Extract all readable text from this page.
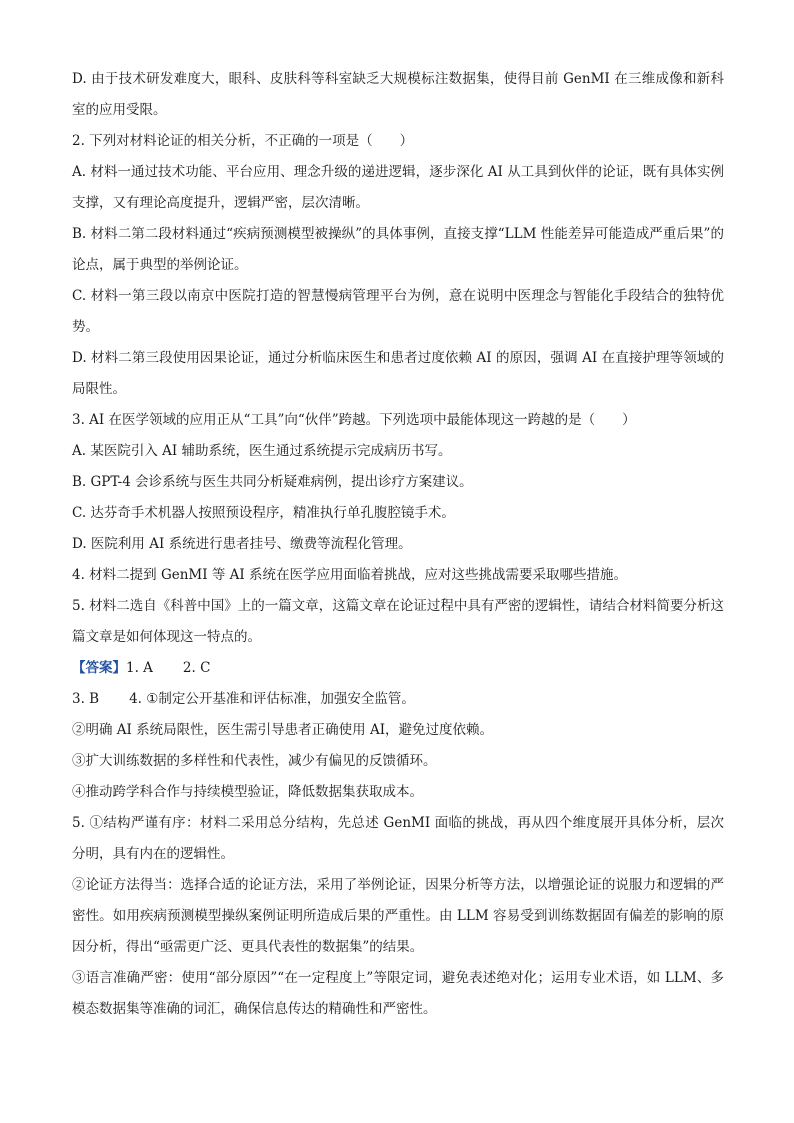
D. 由于技术研发难度大，眼科、皮肤科等科室缺乏大规模标注数据集，使得目前 GenMI 在三维成像和新科室的应用受限。

2. 下列对材料论证的相关分析，不正确的一项是（　　）

A. 材料一通过技术功能、平台应用、理念升级的递进逻辑，逐步深化 AI 从工具到伙伴的论证，既有具体实例支撑，又有理论高度提升，逻辑严密，层次清晰。

B. 材料二第二段材料通过“疾病预测模型被操纵”的具体事例，直接支撑“LLM 性能差异可能造成严重后果”的论点，属于典型的举例论证。

C. 材料一第三段以南京中医院打造的智慧慢病管理平台为例，意在说明中医理念与智能化手段结合的独特优势。

D. 材料二第三段使用因果论证，通过分析临床医生和患者过度依赖 AI 的原因，强调 AI 在直接护理等领域的局限性。

3. AI 在医学领域的应用正从“工具”向“伙伴”跨越。下列选项中最能体现这一跨越的是（　　）

A. 某医院引入 AI 辅助系统，医生通过系统提示完成病历书写。

B. GPT-4 会诊系统与医生共同分析疑难病例，提出诊疗方案建议。

C. 达芬奇手术机器人按照预设程序，精准执行单孔腹腔镜手术。

D. 医院利用 AI 系统进行患者挂号、缴费等流程化管理。

4. 材料二提到 GenMI 等 AI 系统在医学应用面临着挑战，应对这些挑战需要采取哪些措施。

5. 材料二选自《科普中国》上的一篇文章，这篇文章在论证过程中具有严密的逻辑性，请结合材料简要分析这篇文章是如何体现这一特点的。

【答案】1. A 2. C

3. B 4. ①制定公开基准和评估标准，加强安全监管。

②明确 AI 系统局限性，医生需引导患者正确使用 AI，避免过度依赖。

③扩大训练数据的多样性和代表性，减少有偏见的反馈循环。

④推动跨学科合作与持续模型验证，降低数据集获取成本。

5. ①结构严谨有序：材料二采用总分结构，先总述 GenMI 面临的挑战，再从四个维度展开具体分析，层次分明，具有内在的逻辑性。

②论证方法得当：选择合适的论证方法，采用了举例论证，因果分析等方法，以增强论证的说服力和逻辑的严密性。如用疾病预测模型操纵案例证明所造成后果的严重性。由 LLM 容易受到训练数据固有偏差的影响的原因分析，得出“亟需更广泛、更具代表性的数据集”的结果。

③语言准确严密：使用“部分原因”“在一定程度上”等限定词，避免表述绝对化；运用专业术语，如 LLM、多模态数据集等准确的词汇，确保信息传达的精确性和严密性。
